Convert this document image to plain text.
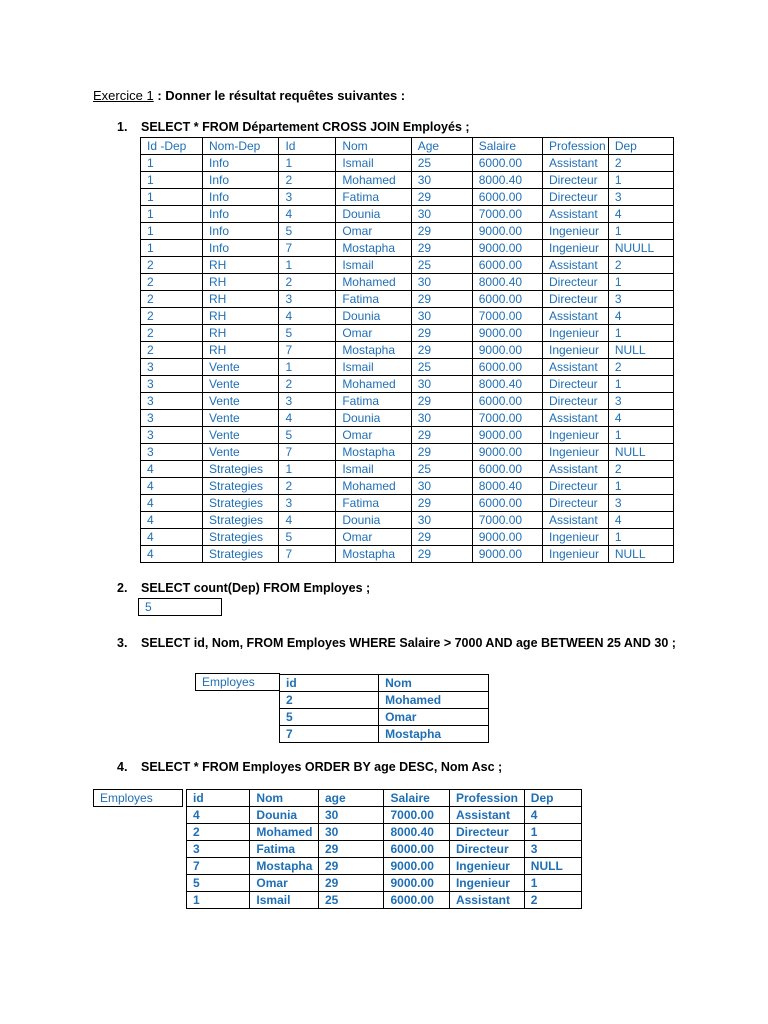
Exercice 1 : Donner le résultat requêtes suivantes :
1. SELECT * FROM Département CROSS JOIN Employés ;
Id -Dep	Nom-Dep	Id	Nom	Age	Salaire	Profession	Dep
1	Info	1	Ismail	25	6000.00	Assistant	2
1	Info	2	Mohamed	30	8000.40	Directeur	1
1	Info	3	Fatima	29	6000.00	Directeur	3
1	Info	4	Dounia	30	7000.00	Assistant	4
1	Info	5	Omar	29	9000.00	Ingenieur	1
1	Info	7	Mostapha	29	9000.00	Ingenieur	NUULL
2	RH	1	Ismail	25	6000.00	Assistant	2
2	RH	2	Mohamed	30	8000.40	Directeur	1
2	RH	3	Fatima	29	6000.00	Directeur	3
2	RH	4	Dounia	30	7000.00	Assistant	4
2	RH	5	Omar	29	9000.00	Ingenieur	1
2	RH	7	Mostapha	29	9000.00	Ingenieur	NULL
3	Vente	1	Ismail	25	6000.00	Assistant	2
3	Vente	2	Mohamed	30	8000.40	Directeur	1
3	Vente	3	Fatima	29	6000.00	Directeur	3
3	Vente	4	Dounia	30	7000.00	Assistant	4
3	Vente	5	Omar	29	9000.00	Ingenieur	1
3	Vente	7	Mostapha	29	9000.00	Ingenieur	NULL
4	Strategies	1	Ismail	25	6000.00	Assistant	2
4	Strategies	2	Mohamed	30	8000.40	Directeur	1
4	Strategies	3	Fatima	29	6000.00	Directeur	3
4	Strategies	4	Dounia	30	7000.00	Assistant	4
4	Strategies	5	Omar	29	9000.00	Ingenieur	1
4	Strategies	7	Mostapha	29	9000.00	Ingenieur	NULL
2. SELECT count(Dep) FROM Employes ;
5
3. SELECT id, Nom, FROM Employes WHERE Salaire > 7000 AND age BETWEEN 25 AND 30 ;
Employes	id	Nom
2	Mohamed
5	Omar
7	Mostapha
4. SELECT * FROM Employes ORDER BY age DESC, Nom Asc ;
Employes	id	Nom	age	Salaire	Profession	Dep
4	Dounia	30	7000.00	Assistant	4
2	Mohamed	30	8000.40	Directeur	1
3	Fatima	29	6000.00	Directeur	3
7	Mostapha	29	9000.00	Ingenieur	NULL
5	Omar	29	9000.00	Ingenieur	1
1	Ismail	25	6000.00	Assistant	2
